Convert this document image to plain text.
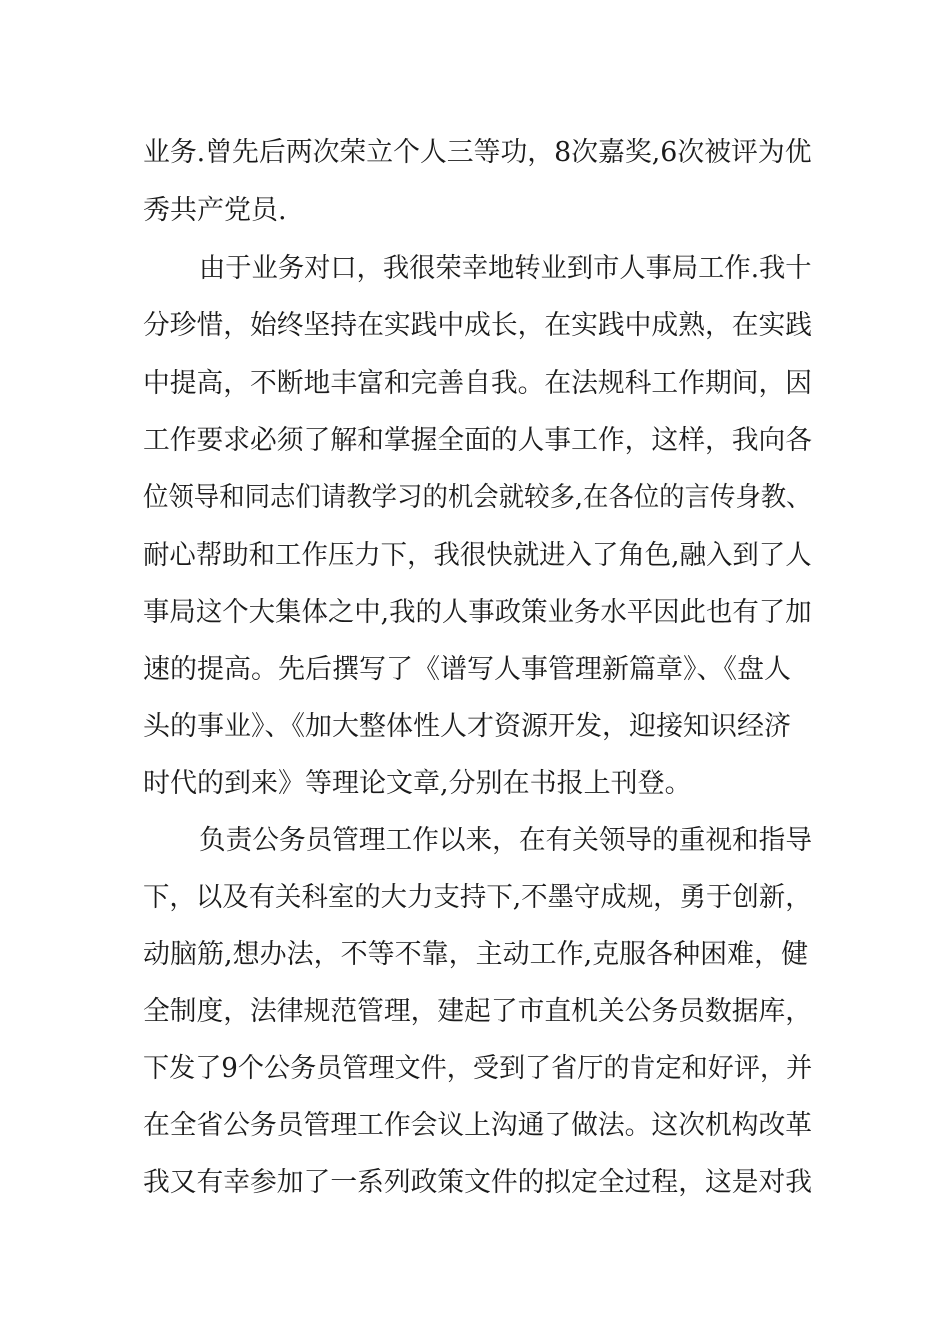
业务.曾先后两次荣立个人三等功，8次嘉奖,6次被评为优
秀共产党员.
由于业务对口，我很荣幸地转业到市人事局工作.我十
分珍惜，始终坚持在实践中成长，在实践中成熟，在实践
中提高，不断地丰富和完善自我。在法规科工作期间，因
工作要求必须了解和掌握全面的人事工作，这样，我向各
位领导和同志们请教学习的机会就较多,在各位的言传身教、
耐心帮助和工作压力下，我很快就进入了角色,融入到了人
事局这个大集体之中,我的人事政策业务水平因此也有了加
速的提高。先后撰写了《谱写人事管理新篇章》、《盘人
头的事业》、《加大整体性人才资源开发，迎接知识经济
时代的到来》等理论文章,分别在书报上刊登。
负责公务员管理工作以来，在有关领导的重视和指导
下，以及有关科室的大力支持下,不墨守成规，勇于创新，
动脑筋,想办法，不等不靠，主动工作,克服各种困难，健
全制度，法律规范管理，建起了市直机关公务员数据库，
下发了9个公务员管理文件，受到了省厅的肯定和好评，并
在全省公务员管理工作会议上沟通了做法。这次机构改革
我又有幸参加了一系列政策文件的拟定全过程，这是对我
